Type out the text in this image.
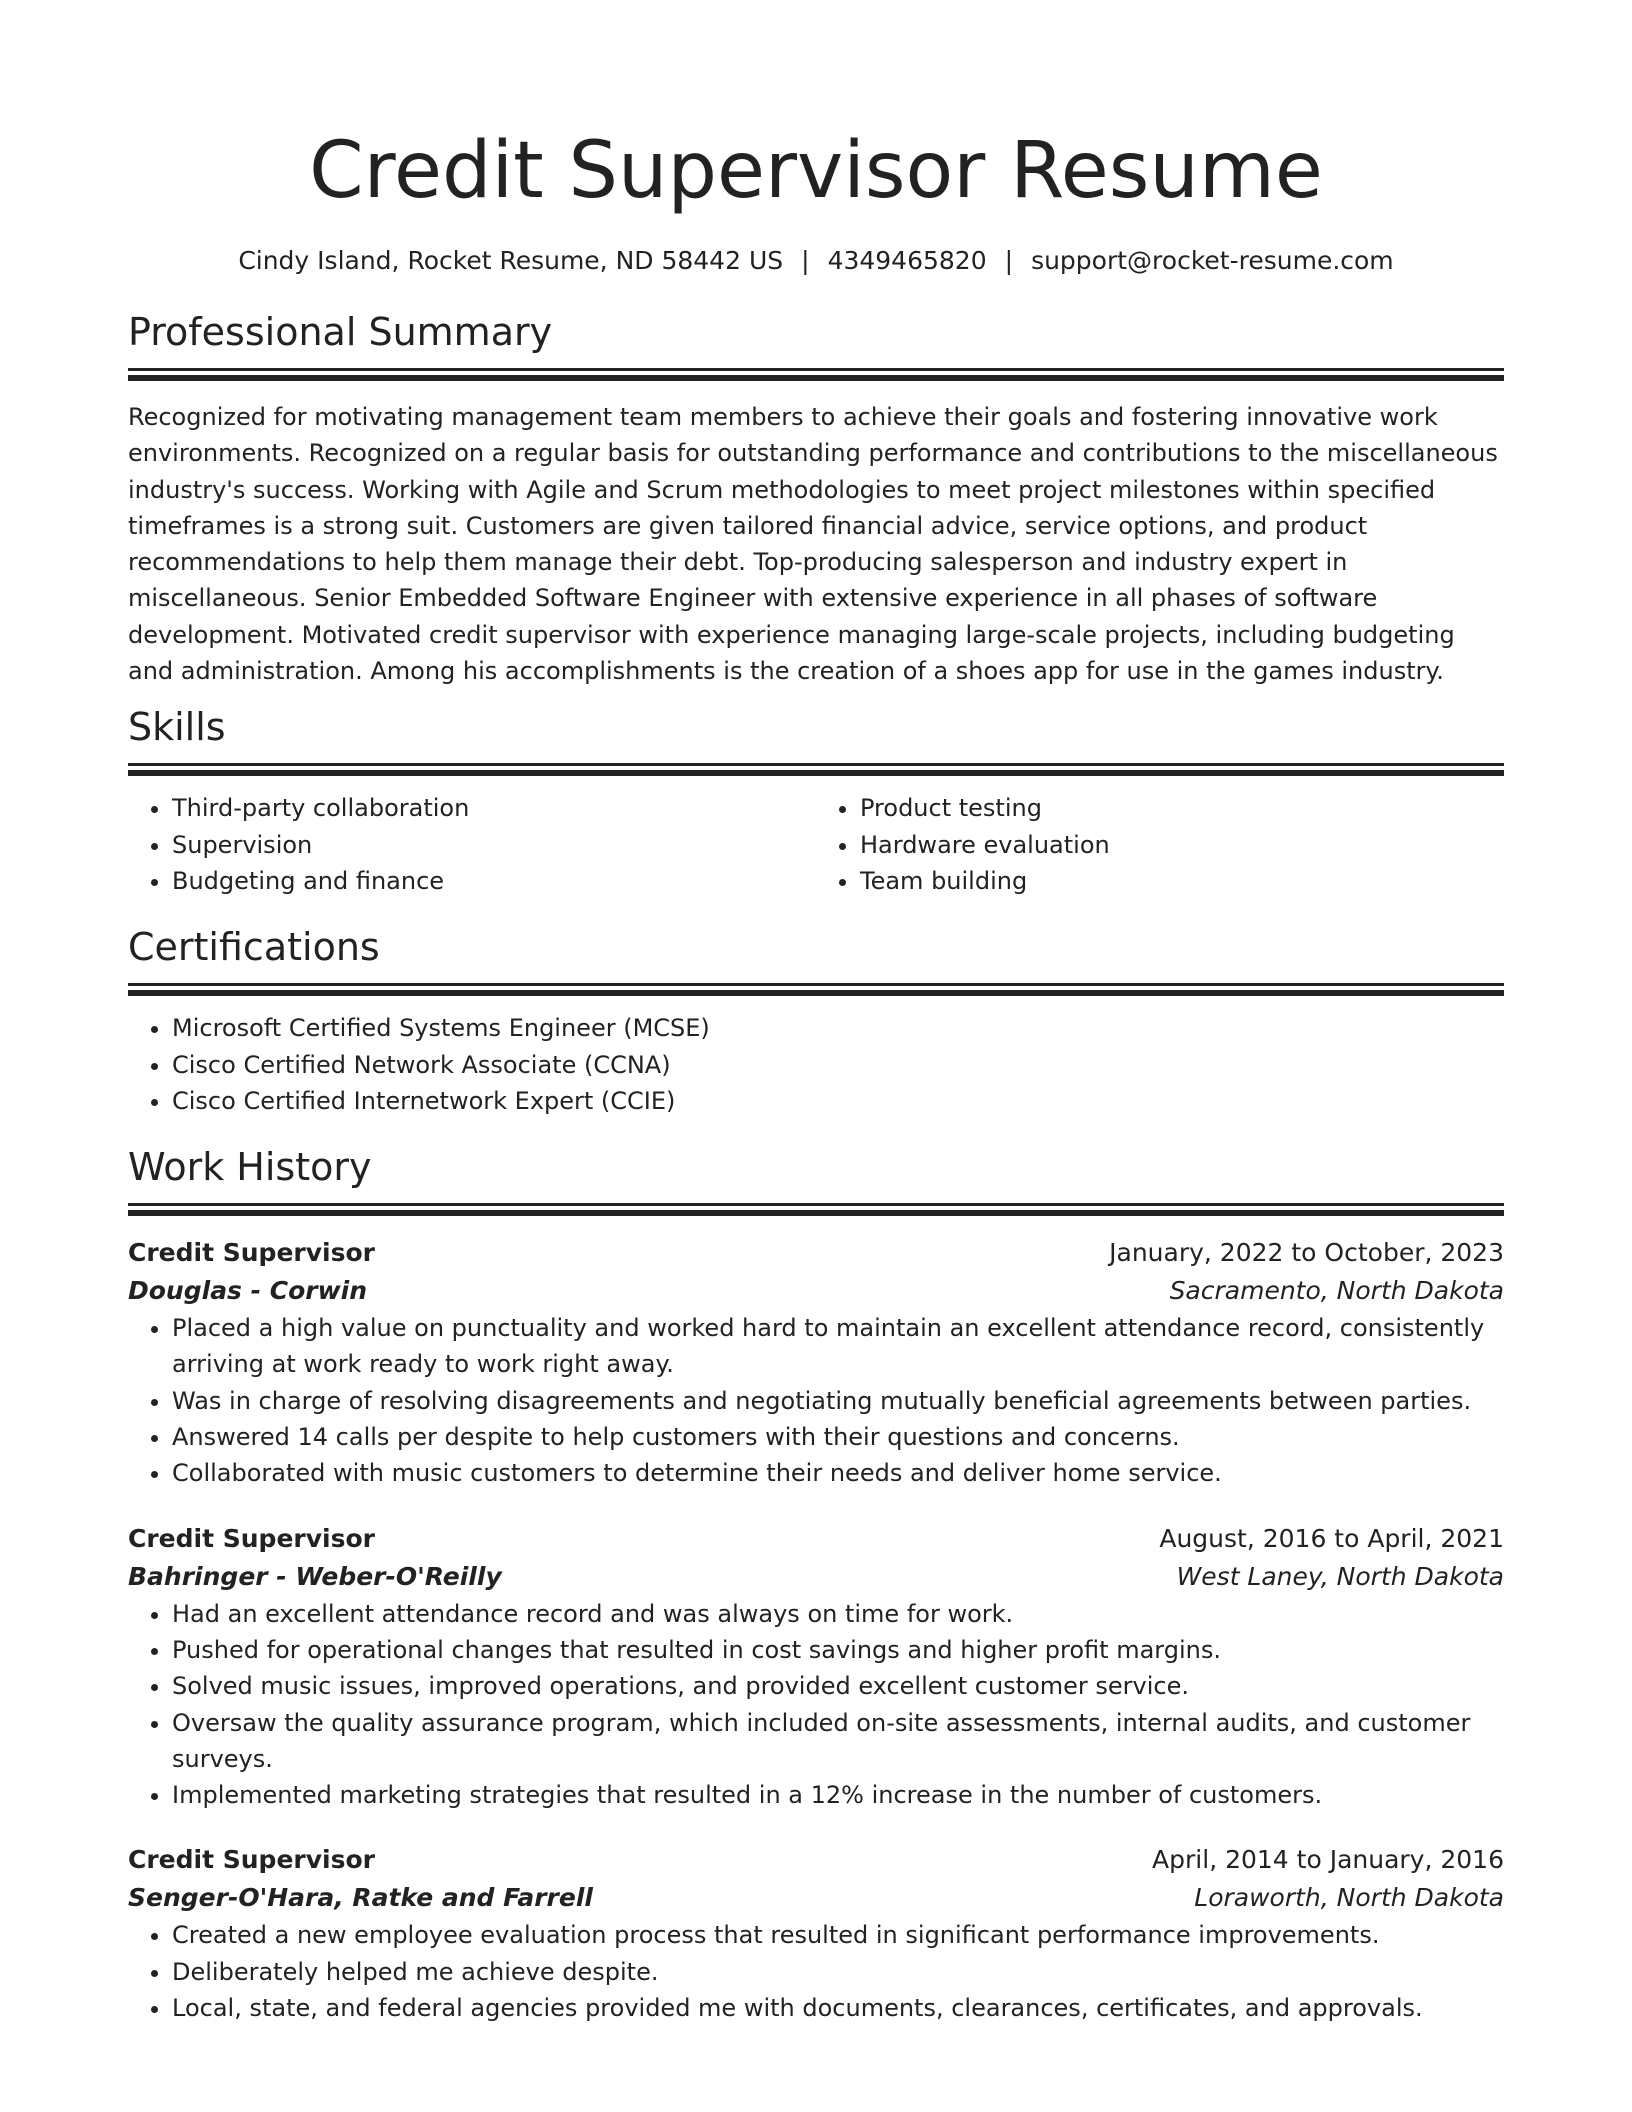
Credit Supervisor Resume
Cindy Island, Rocket Resume, ND 58442 US | 4349465820 | support@rocket-resume.com
Professional Summary

Recognized for motivating management team members to achieve their goals and fostering innovative work environments. Recognized on a regular basis for outstanding performance and contributions to the miscellaneous industry's success. Working with Agile and Scrum methodologies to meet project milestones within specified timeframes is a strong suit. Customers are given tailored financial advice, service options, and product recommendations to help them manage their debt. Top-producing salesperson and industry expert in miscellaneous. Senior Embedded Software Engineer with extensive experience in all phases of software development. Motivated credit supervisor with experience managing large-scale projects, including budgeting and administration. Among his accomplishments is the creation of a shoes app for use in the games industry.

Skills
• Third-party collaboration
• Supervision
• Budgeting and finance
• Product testing
• Hardware evaluation
• Team building
Certifications
• Microsoft Certified Systems Engineer (MCSE)
• Cisco Certified Network Associate (CCNA)
• Cisco Certified Internetwork Expert (CCIE)
Work History
Credit Supervisor	January, 2022 to October, 2023
Douglas - Corwin	Sacramento, North Dakota
• Placed a high value on punctuality and worked hard to maintain an excellent attendance record, consistently arriving at work ready to work right away.
• Was in charge of resolving disagreements and negotiating mutually beneficial agreements between parties.
• Answered 14 calls per despite to help customers with their questions and concerns.
• Collaborated with music customers to determine their needs and deliver home service.
Credit Supervisor	August, 2016 to April, 2021
Bahringer - Weber-O'Reilly	West Laney, North Dakota
• Had an excellent attendance record and was always on time for work.
• Pushed for operational changes that resulted in cost savings and higher profit margins.
• Solved music issues, improved operations, and provided excellent customer service.
• Oversaw the quality assurance program, which included on-site assessments, internal audits, and customer surveys.
• Implemented marketing strategies that resulted in a 12% increase in the number of customers.
Credit Supervisor	April, 2014 to January, 2016
Senger-O'Hara, Ratke and Farrell	Loraworth, North Dakota
• Created a new employee evaluation process that resulted in significant performance improvements.
• Deliberately helped me achieve despite.
• Local, state, and federal agencies provided me with documents, clearances, certificates, and approvals.
